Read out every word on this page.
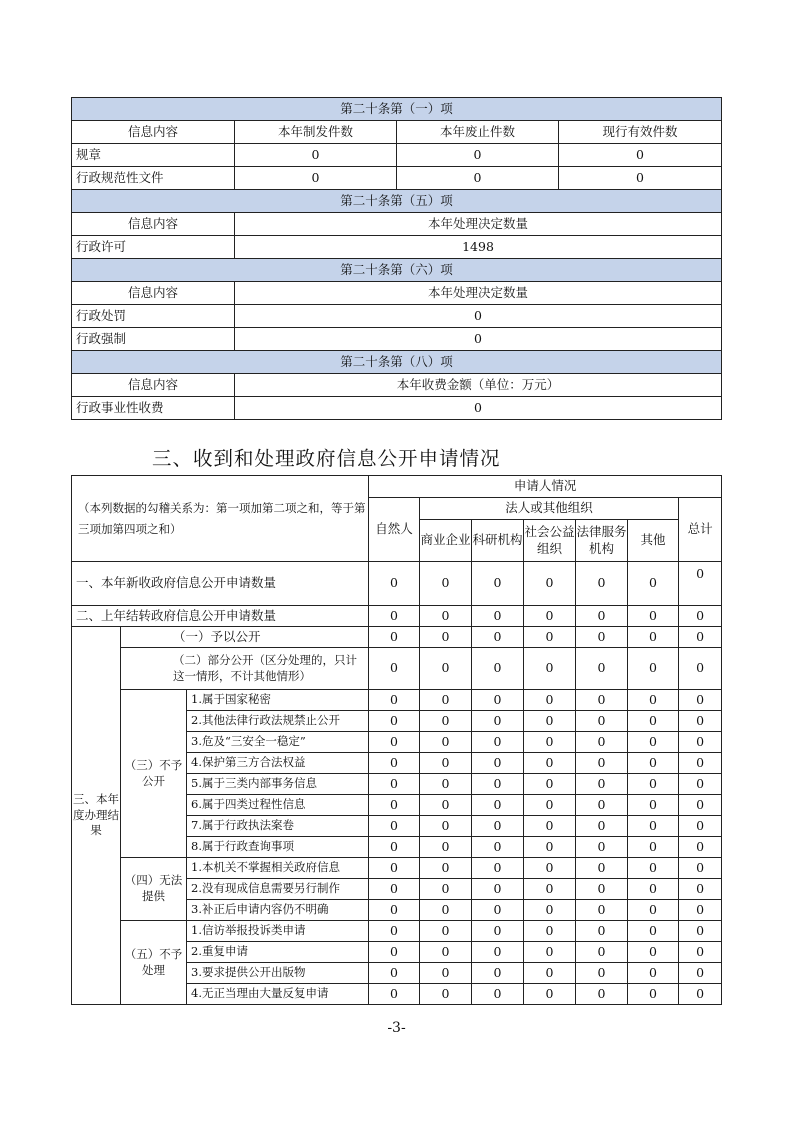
第二十条第（一）项			
信息内容	本年制发件数	本年废止件数	现行有效件数
规章	0	0	0
行政规范性文件	0	0	0
第二十条第（五）项			
信息内容	本年处理决定数量		
行政许可	1498		
第二十条第（六）项			
信息内容	本年处理决定数量		
行政处罚	0		
行政强制	0		
第二十条第（八）项			
信息内容	本年收费金额（单位：万元）		
行政事业性收费	0		
三、收到和处理政府信息公开申请情况
（本列数据的勾稽关系为：第一项加第二项之和，等于第三项加第四项之和）			申请人情况						
			自然人	法人或其他组织					总计
				商业企业	科研机构	社会公益组织	法律服务机构	其他	
一、本年新收政府信息公开申请数量			0	0	0	0	0	0	0
二、上年结转政府信息公开申请数量			0	0	0	0	0	0	0
三、本年度办理结果	（一）予以公开		0	0	0	0	0	0	0
	（二）部分公开（区分处理的，只计这一情形，不计其他情形）		0	0	0	0	0	0	0
	（三）不予公开	1.属于国家秘密	0	0	0	0	0	0	0
		2.其他法律行政法规禁止公开	0	0	0	0	0	0	0
		3.危及“三安全一稳定”	0	0	0	0	0	0	0
		4.保护第三方合法权益	0	0	0	0	0	0	0
		5.属于三类内部事务信息	0	0	0	0	0	0	0
		6.属于四类过程性信息	0	0	0	0	0	0	0
		7.属于行政执法案卷	0	0	0	0	0	0	0
		8.属于行政查询事项	0	0	0	0	0	0	0
	（四）无法提供	1.本机关不掌握相关政府信息	0	0	0	0	0	0	0
		2.没有现成信息需要另行制作	0	0	0	0	0	0	0
		3.补正后申请内容仍不明确	0	0	0	0	0	0	0
	（五）不予处理	1.信访举报投诉类申请	0	0	0	0	0	0	0
		2.重复申请	0	0	0	0	0	0	0
		3.要求提供公开出版物	0	0	0	0	0	0	0
		4.无正当理由大量反复申请	0	0	0	0	0	0	0
-3-
